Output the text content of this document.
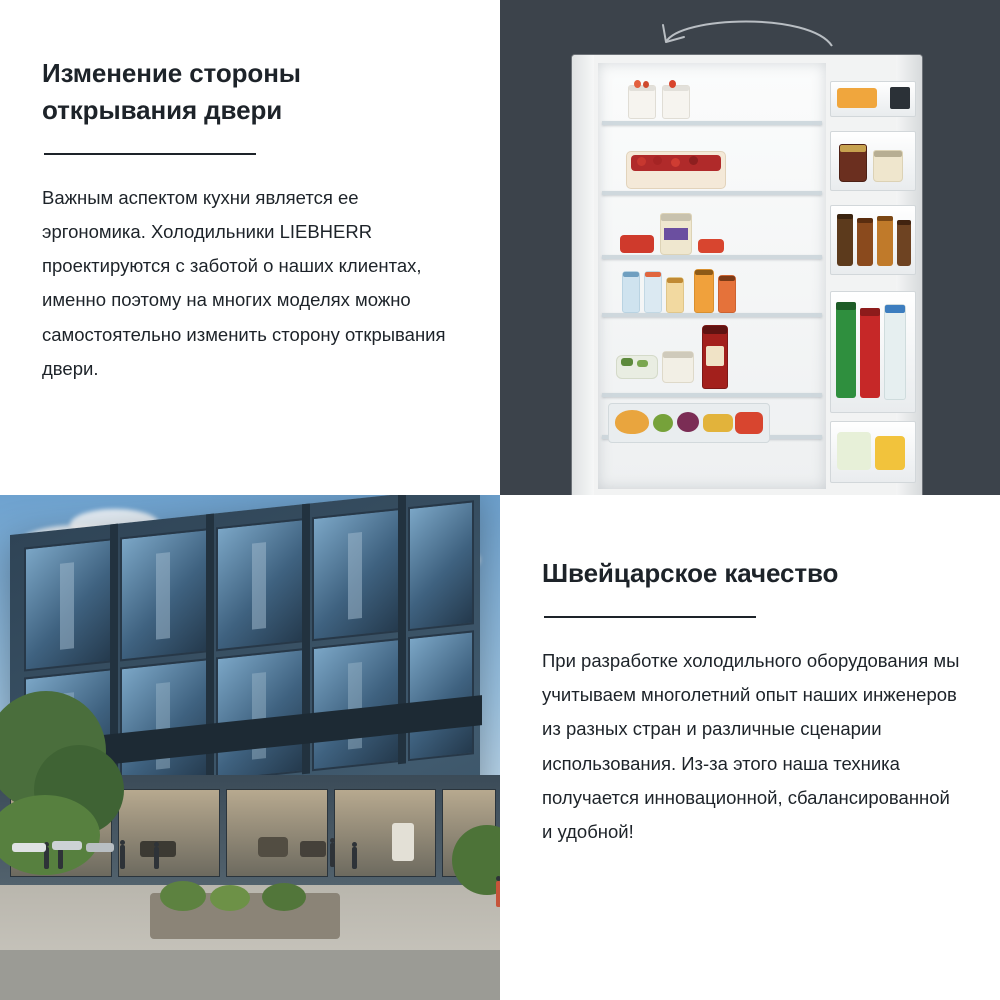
Изменение стороны открывания двери

Важным аспектом кухни является ее эргономика. Холодильники LIEBHERR проектируются с заботой о наших клиентах, именно поэтому на многих моделях можно самостоятельно изменить сторону открывания двери.

Швейцарское качество

При разработке холодильного оборудования мы учитываем многолетний опыт наших инженеров из разных стран и различные сценарии использования. Из-за этого наша техника получается инновационной, сбалансированной и удобной!
